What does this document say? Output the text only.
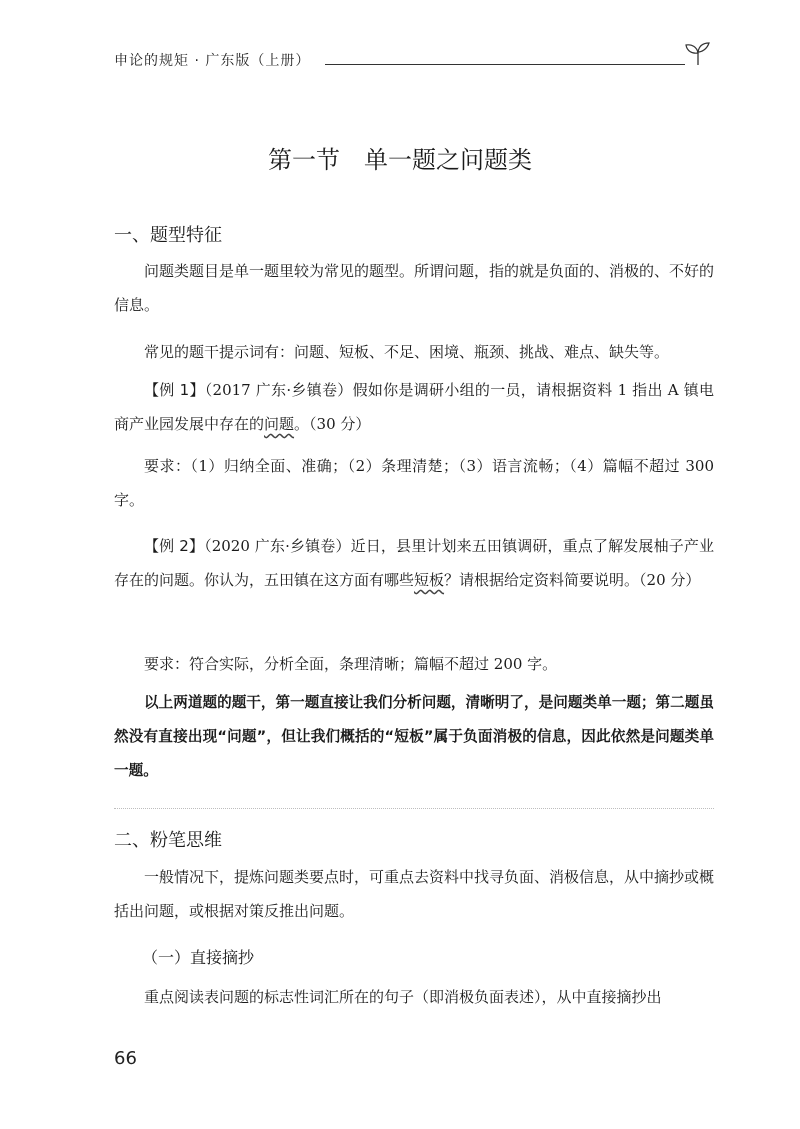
申论的规矩 · 广东版（上册）
第一节　单一题之问题类
一、题型特征

问题类题目是单一题里较为常见的题型。所谓问题，指的就是负面的、消极的、不好的信息。

常见的题干提示词有：问题、短板、不足、困境、瓶颈、挑战、难点、缺失等。

【例 1】（2017 广东·乡镇卷）假如你是调研小组的一员，请根据资料 1 指出 A 镇电商产业园发展中存在的问题。（30 分）

要求：（1）归纳全面、准确；（2）条理清楚；（3）语言流畅；（4）篇幅不超过 300 字。

【例 2】（2020 广东·乡镇卷）近日，县里计划来五田镇调研，重点了解发展柚子产业存在的问题。你认为，五田镇在这方面有哪些短板？请根据给定资料简要说明。（20 分）

要求：符合实际，分析全面，条理清晰；篇幅不超过 200 字。

以上两道题的题干，第一题直接让我们分析问题，清晰明了，是问题类单一题；第二题虽然没有直接出现“问题”，但让我们概括的“短板”属于负面消极的信息，因此依然是问题类单一题。

二、粉笔思维

一般情况下，提炼问题类要点时，可重点去资料中找寻负面、消极信息，从中摘抄或概括出问题，或根据对策反推出问题。

（一）直接摘抄

重点阅读表问题的标志性词汇所在的句子（即消极负面表述），从中直接摘抄出

66
